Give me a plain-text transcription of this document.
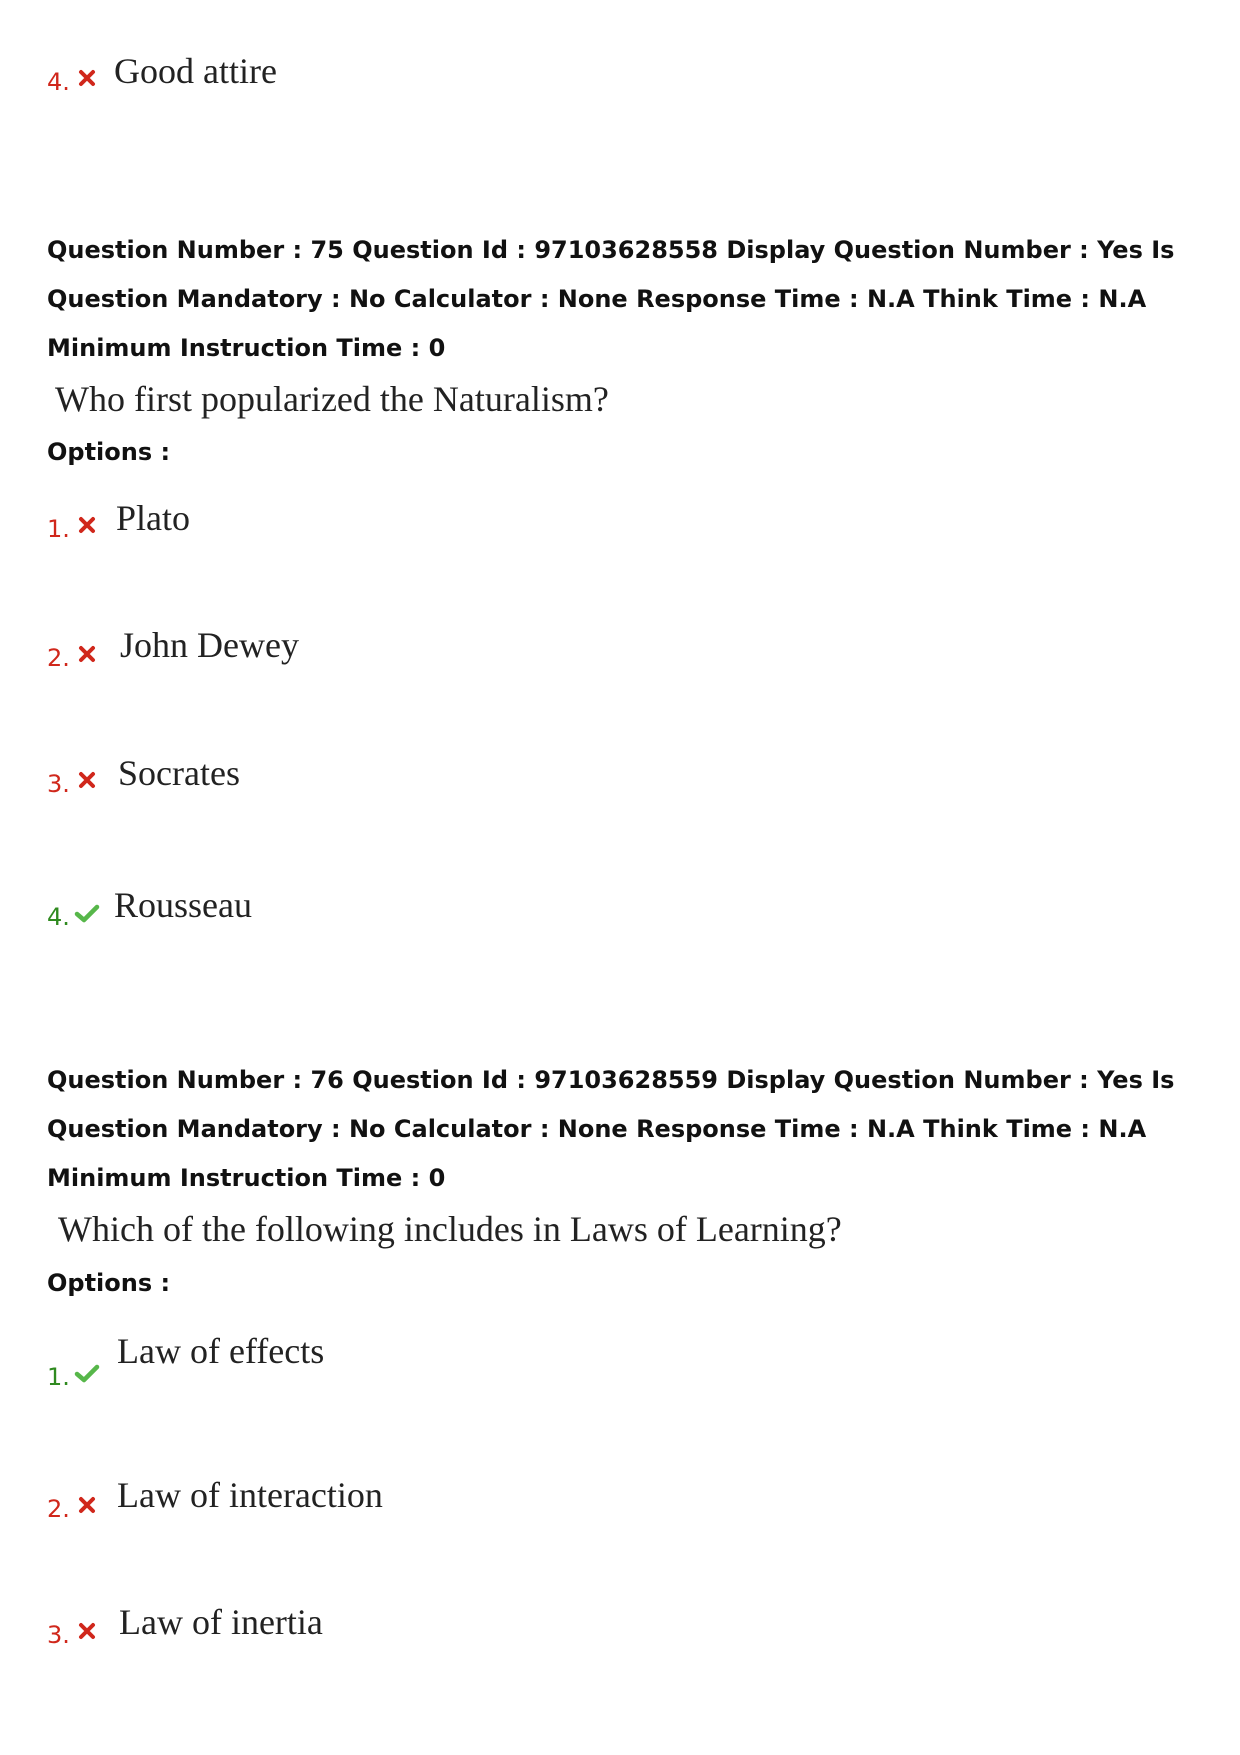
4. Good attire
Question Number : 75 Question Id : 97103628558 Display Question Number : Yes Is Question Mandatory : No Calculator : None Response Time : N.A Think Time : N.A Minimum Instruction Time : 0
Who first popularized the Naturalism?
Options :
1. Plato
2. John Dewey
3. Socrates
4. Rousseau
Question Number : 76 Question Id : 97103628559 Display Question Number : Yes Is Question Mandatory : No Calculator : None Response Time : N.A Think Time : N.A Minimum Instruction Time : 0
Which of the following includes in Laws of Learning?
Options :
1.
Law of effects
2. Law of interaction
3. Law of inertia
